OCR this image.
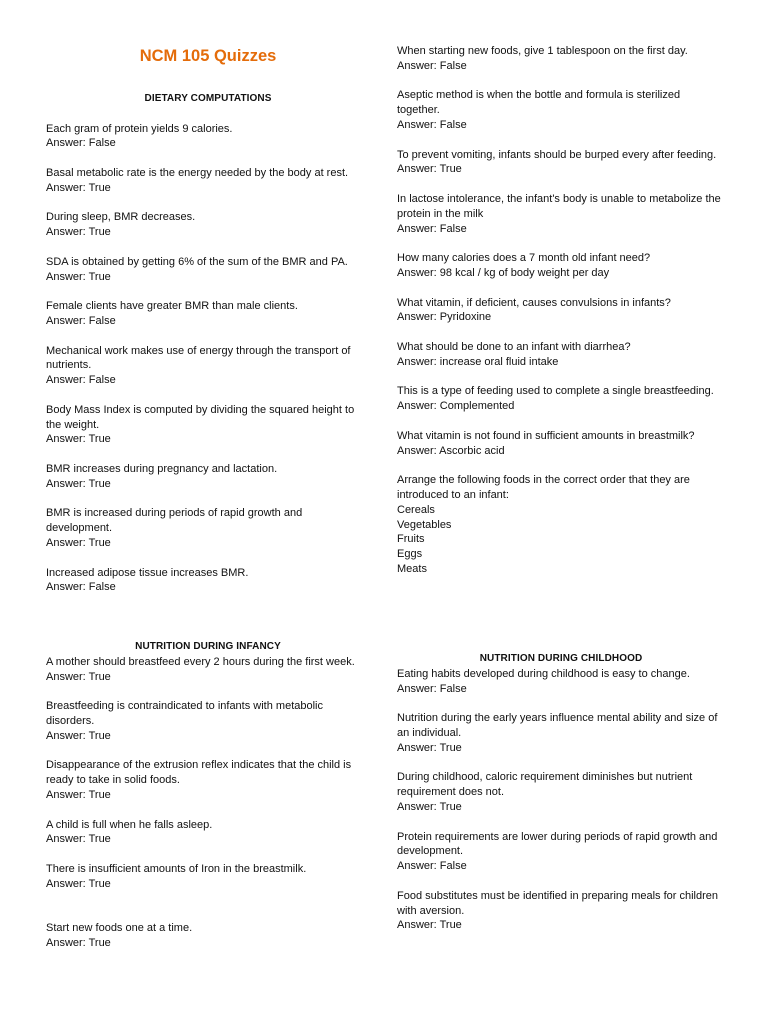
NCM 105 Quizzes
DIETARY COMPUTATIONS
Each gram of protein yields 9 calories.
Answer: False
Basal metabolic rate is the energy needed by the body at rest.
Answer: True
During sleep, BMR decreases.
Answer: True
SDA is obtained by getting 6% of the sum of the BMR and PA.
Answer: True
Female clients have greater BMR than male clients.
Answer: False
Mechanical work makes use of energy through the transport of nutrients.
Answer: False
Body Mass Index is computed by dividing the squared height to the weight.
Answer: True
BMR increases during pregnancy and lactation.
Answer: True
BMR is increased during periods of rapid growth and development.
Answer: True
Increased adipose tissue increases BMR.
Answer: False
NUTRITION DURING INFANCY
A mother should breastfeed every 2 hours during the first week.
Answer: True
Breastfeeding is contraindicated to infants with metabolic disorders.
Answer: True
Disappearance of the extrusion reflex indicates that the child is ready to take in solid foods.
Answer: True
A child is full when he falls asleep.
Answer: True
There is insufficient amounts of Iron in the breastmilk.
Answer: True
Start new foods one at a time.
Answer: True
When starting new foods, give 1 tablespoon on the first day.
Answer: False
Aseptic method is when the bottle and formula is sterilized together.
Answer: False
To prevent vomiting, infants should be burped every after feeding.
Answer: True
In lactose intolerance, the infant's body is unable to metabolize the protein in the milk
Answer: False
How many calories does a 7 month old infant need?
Answer: 98 kcal / kg of body weight per day
What vitamin, if deficient, causes convulsions in infants?
Answer: Pyridoxine
What should be done to an infant with diarrhea?
Answer: increase oral fluid intake
This is a type of feeding used to complete a single breastfeeding.
Answer: Complemented
What vitamin is not found in sufficient amounts in breastmilk?
Answer: Ascorbic acid
Arrange the following foods in the correct order that they are introduced to an infant:
Cereals
Vegetables
Fruits
Eggs
Meats
NUTRITION DURING CHILDHOOD
Eating habits developed during childhood is easy to change.
Answer: False
Nutrition during the early years influence mental ability and size of an individual.
Answer: True
During childhood, caloric requirement diminishes but nutrient requirement does not.
Answer: True
Protein requirements are lower during periods of rapid growth and development.
Answer: False
Food substitutes must be identified in preparing meals for children with aversion.
Answer: True
